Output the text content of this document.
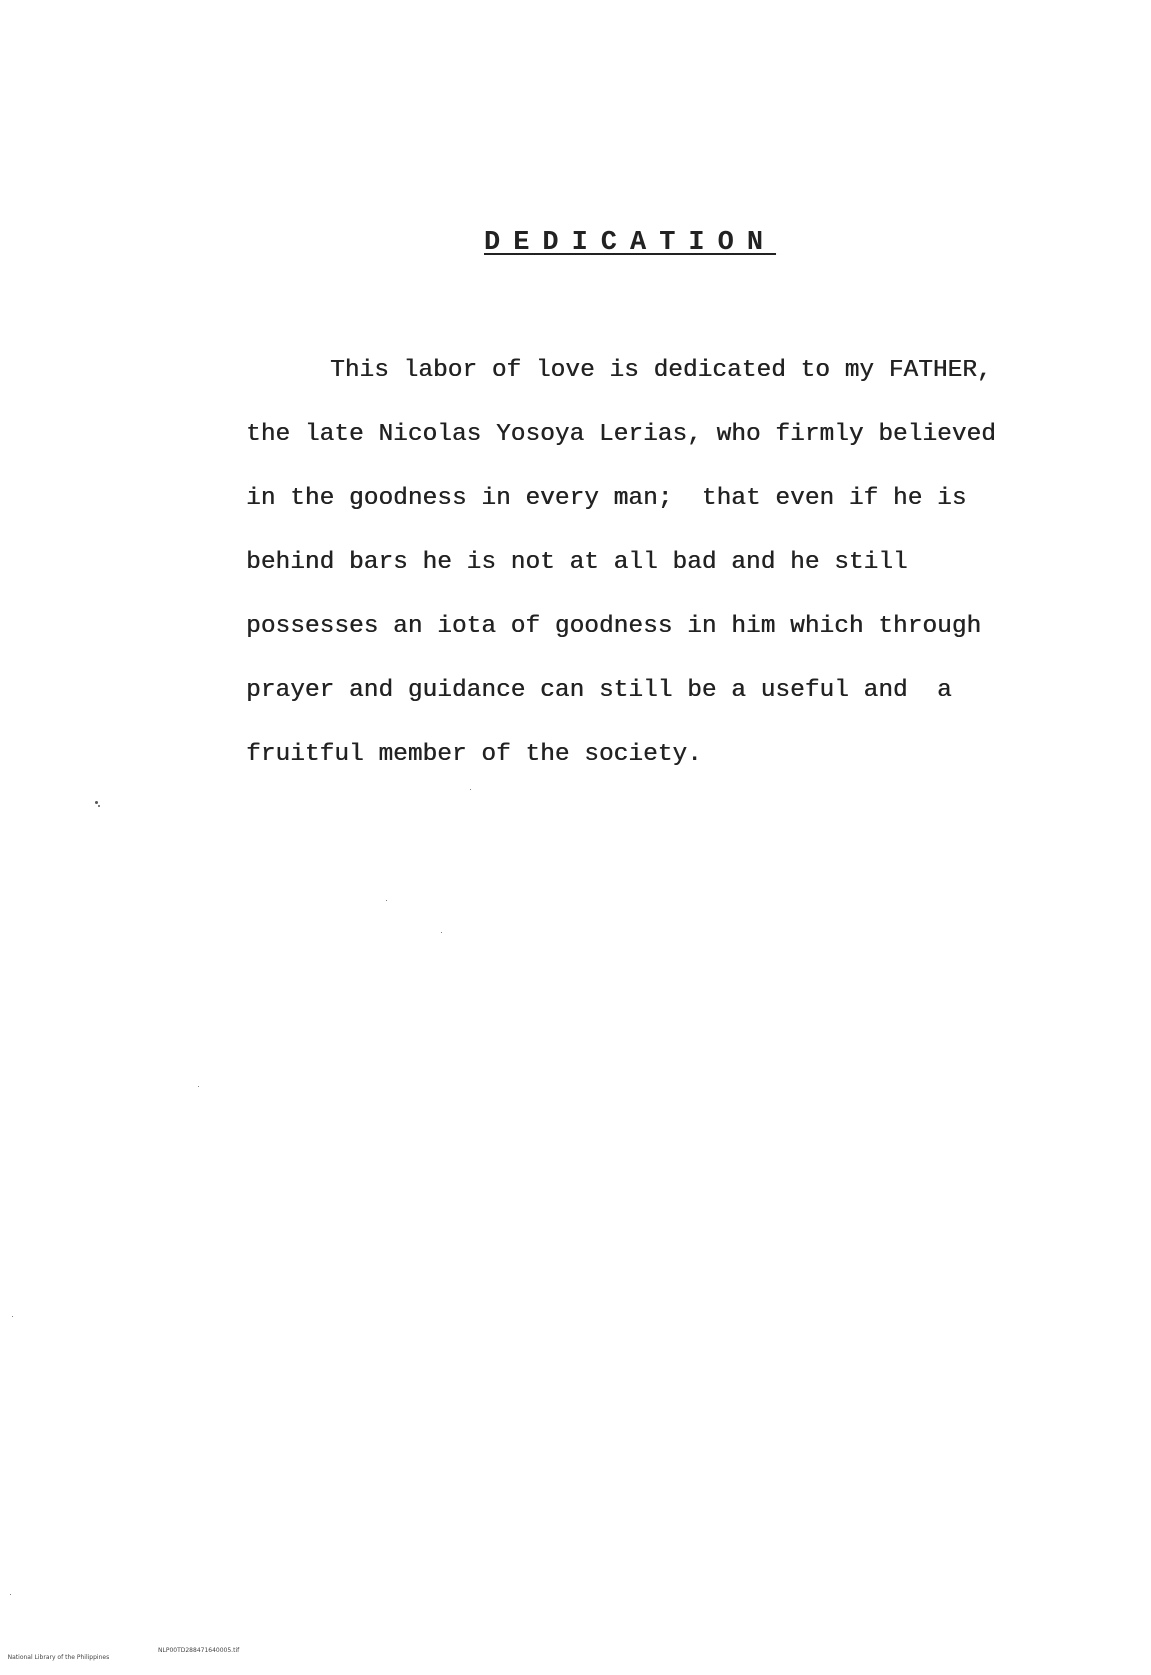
DEDICATION
This labor of love is dedicated to my FATHER,
the late Nicolas Yosoya Lerias, who firmly believed
in the goodness in every man;  that even if he is
behind bars he is not at all bad and he still
possesses an iota of goodness in him which through
prayer and guidance can still be a useful and  a
fruitful member of the society.

National Library of the Philippines

NLP00TD288471640005.tif
